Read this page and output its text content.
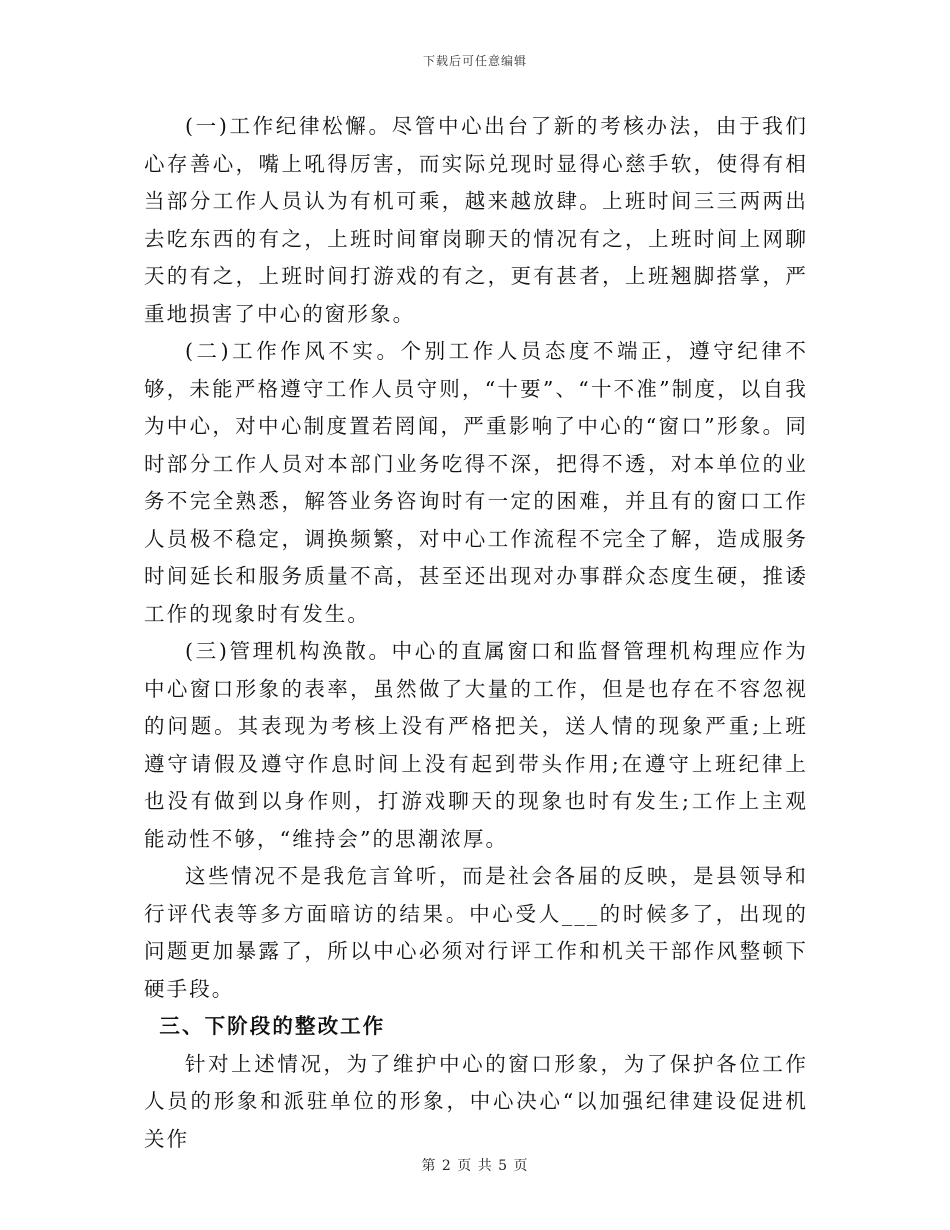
下载后可任意编辑

(一)工作纪律松懈。尽管中心出台了新的考核办法，由于我们心存善心，嘴上吼得厉害，而实际兑现时显得心慈手软，使得有相当部分工作人员认为有机可乘，越来越放肆。上班时间三三两两出去吃东西的有之，上班时间窜岗聊天的情况有之，上班时间上网聊天的有之，上班时间打游戏的有之，更有甚者，上班翘脚搭掌，严重地损害了中心的窗形象。

(二)工作作风不实。个别工作人员态度不端正，遵守纪律不够，未能严格遵守工作人员守则，“十要”、“十不准”制度，以自我为中心，对中心制度置若罔闻，严重影响了中心的“窗口”形象。同时部分工作人员对本部门业务吃得不深，把得不透，对本单位的业务不完全熟悉，解答业务咨询时有一定的困难，并且有的窗口工作人员极不稳定，调换频繁，对中心工作流程不完全了解，造成服务时间延长和服务质量不高，甚至还出现对办事群众态度生硬，推诿工作的现象时有发生。

(三)管理机构涣散。中心的直属窗口和监督管理机构理应作为中心窗口形象的表率，虽然做了大量的工作，但是也存在不容忽视的问题。其表现为考核上没有严格把关，送人情的现象严重;上班遵守请假及遵守作息时间上没有起到带头作用;在遵守上班纪律上也没有做到以身作则，打游戏聊天的现象也时有发生;工作上主观能动性不够，“维持会”的思潮浓厚。

这些情况不是我危言耸听，而是社会各届的反映，是县领导和行评代表等多方面暗访的结果。中心受人___的时候多了，出现的问题更加暴露了，所以中心必须对行评工作和机关干部作风整顿下硬手段。

三、下阶段的整改工作

针对上述情况，为了维护中心的窗口形象，为了保护各位工作人员的形象和派驻单位的形象，中心决心“以加强纪律建设促进机关作

第 2 页 共 5 页
